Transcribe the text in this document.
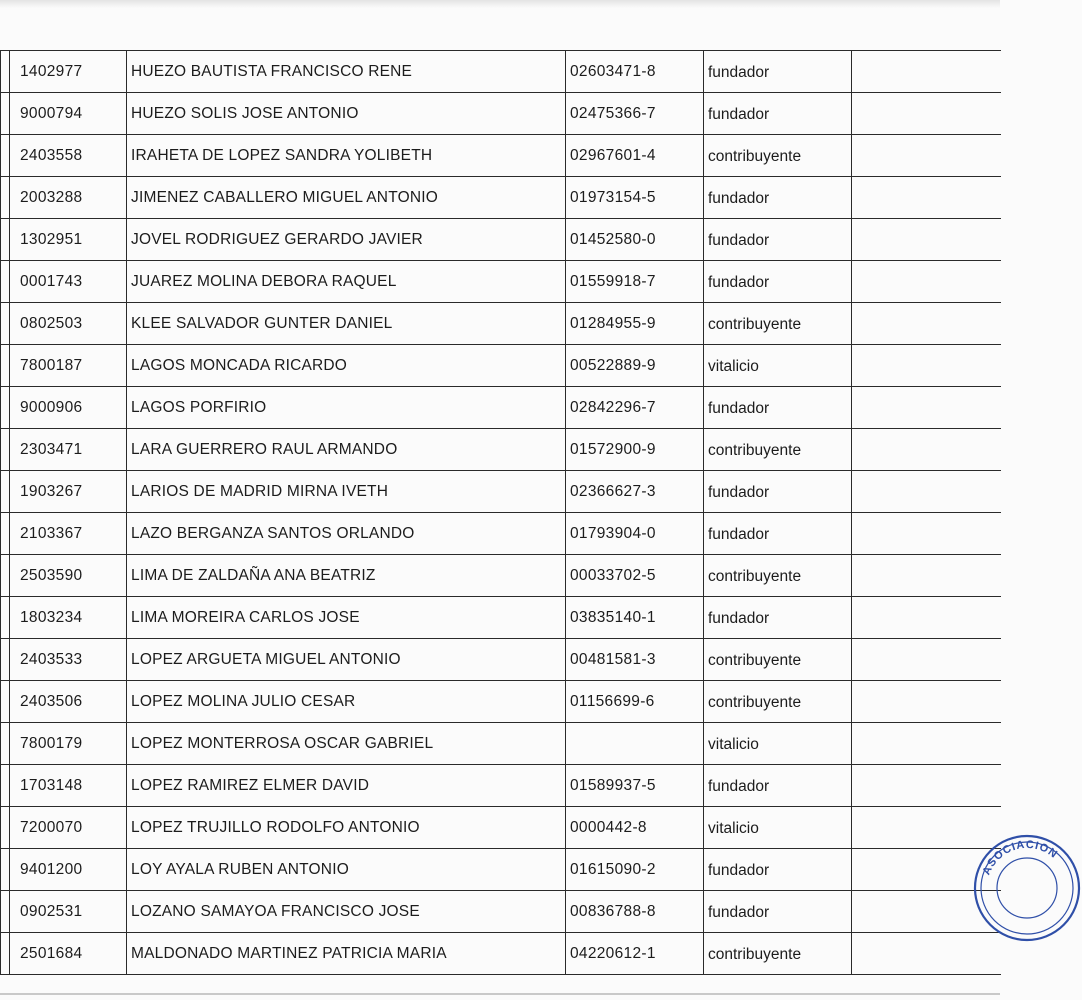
	1402977	HUEZO BAUTISTA FRANCISCO RENE	02603471-8	fundador	
	9000794	HUEZO SOLIS JOSE ANTONIO	02475366-7	fundador	
	2403558	IRAHETA DE LOPEZ SANDRA YOLIBETH	02967601-4	contribuyente	
	2003288	JIMENEZ CABALLERO MIGUEL ANTONIO	01973154-5	fundador	
	1302951	JOVEL RODRIGUEZ GERARDO JAVIER	01452580-0	fundador	
	0001743	JUAREZ MOLINA DEBORA RAQUEL	01559918-7	fundador	
	0802503	KLEE SALVADOR GUNTER DANIEL	01284955-9	contribuyente	
	7800187	LAGOS MONCADA RICARDO	00522889-9	vitalicio	
	9000906	LAGOS PORFIRIO	02842296-7	fundador	
	2303471	LARA GUERRERO RAUL ARMANDO	01572900-9	contribuyente	
	1903267	LARIOS DE MADRID MIRNA IVETH	02366627-3	fundador	
	2103367	LAZO BERGANZA SANTOS ORLANDO	01793904-0	fundador	
	2503590	LIMA DE ZALDAÑA ANA BEATRIZ	00033702-5	contribuyente	
	1803234	LIMA MOREIRA CARLOS JOSE	03835140-1	fundador	
	2403533	LOPEZ ARGUETA MIGUEL ANTONIO	00481581-3	contribuyente	
	2403506	LOPEZ MOLINA JULIO CESAR	01156699-6	contribuyente	
	7800179	LOPEZ MONTERROSA OSCAR GABRIEL		vitalicio	
	1703148	LOPEZ RAMIREZ ELMER DAVID	01589937-5	fundador	
	7200070	LOPEZ TRUJILLO RODOLFO ANTONIO	0000442-8	vitalicio	
	9401200	LOY AYALA RUBEN ANTONIO	01615090-2	fundador	
	0902531	LOZANO SAMAYOA FRANCISCO JOSE	00836788-8	fundador	
	2501684	MALDONADO MARTINEZ PATRICIA MARIA	04220612-1	contribuyente	
ASOCIACION
